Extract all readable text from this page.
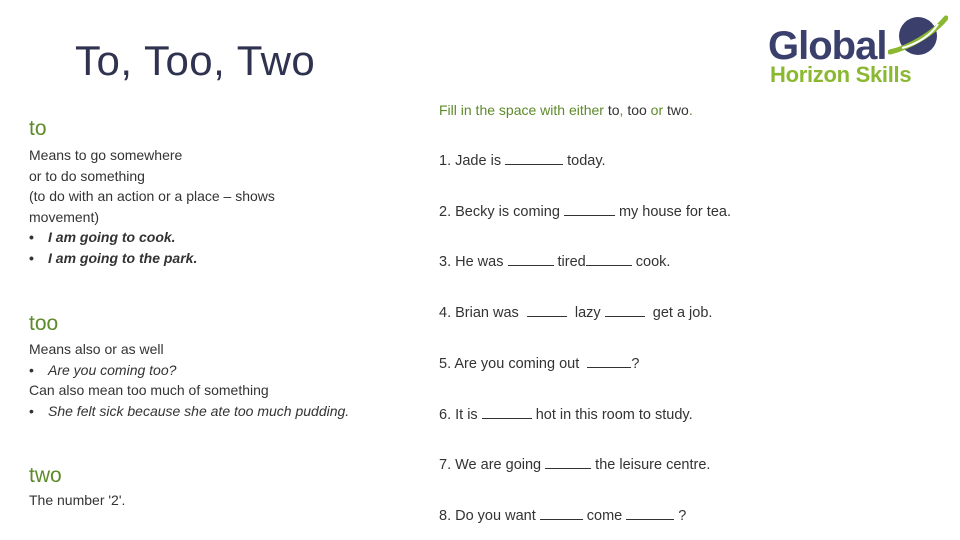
To, Too, Two	Global
Horizon Skills
to
Means to go somewhere
or to do something
(to do with an action or a place – shows
movement)
• I am going to cook.
• I am going to the park.
too
Means also or as well
• Are you coming too?
Can also mean too much of something
• She felt sick because she ate too much pudding.
two
The number '2'.
Fill in the space with either to, too or two.
1. Jade is	today.
2. Becky is coming	my house for tea.
3. He was	tired	cook.
4. Brian was	lazy	get a job.
5. Are you coming out	?
6. It is	hot in this room to study.
7. We are going	the leisure centre.
8. Do you want	come	?
